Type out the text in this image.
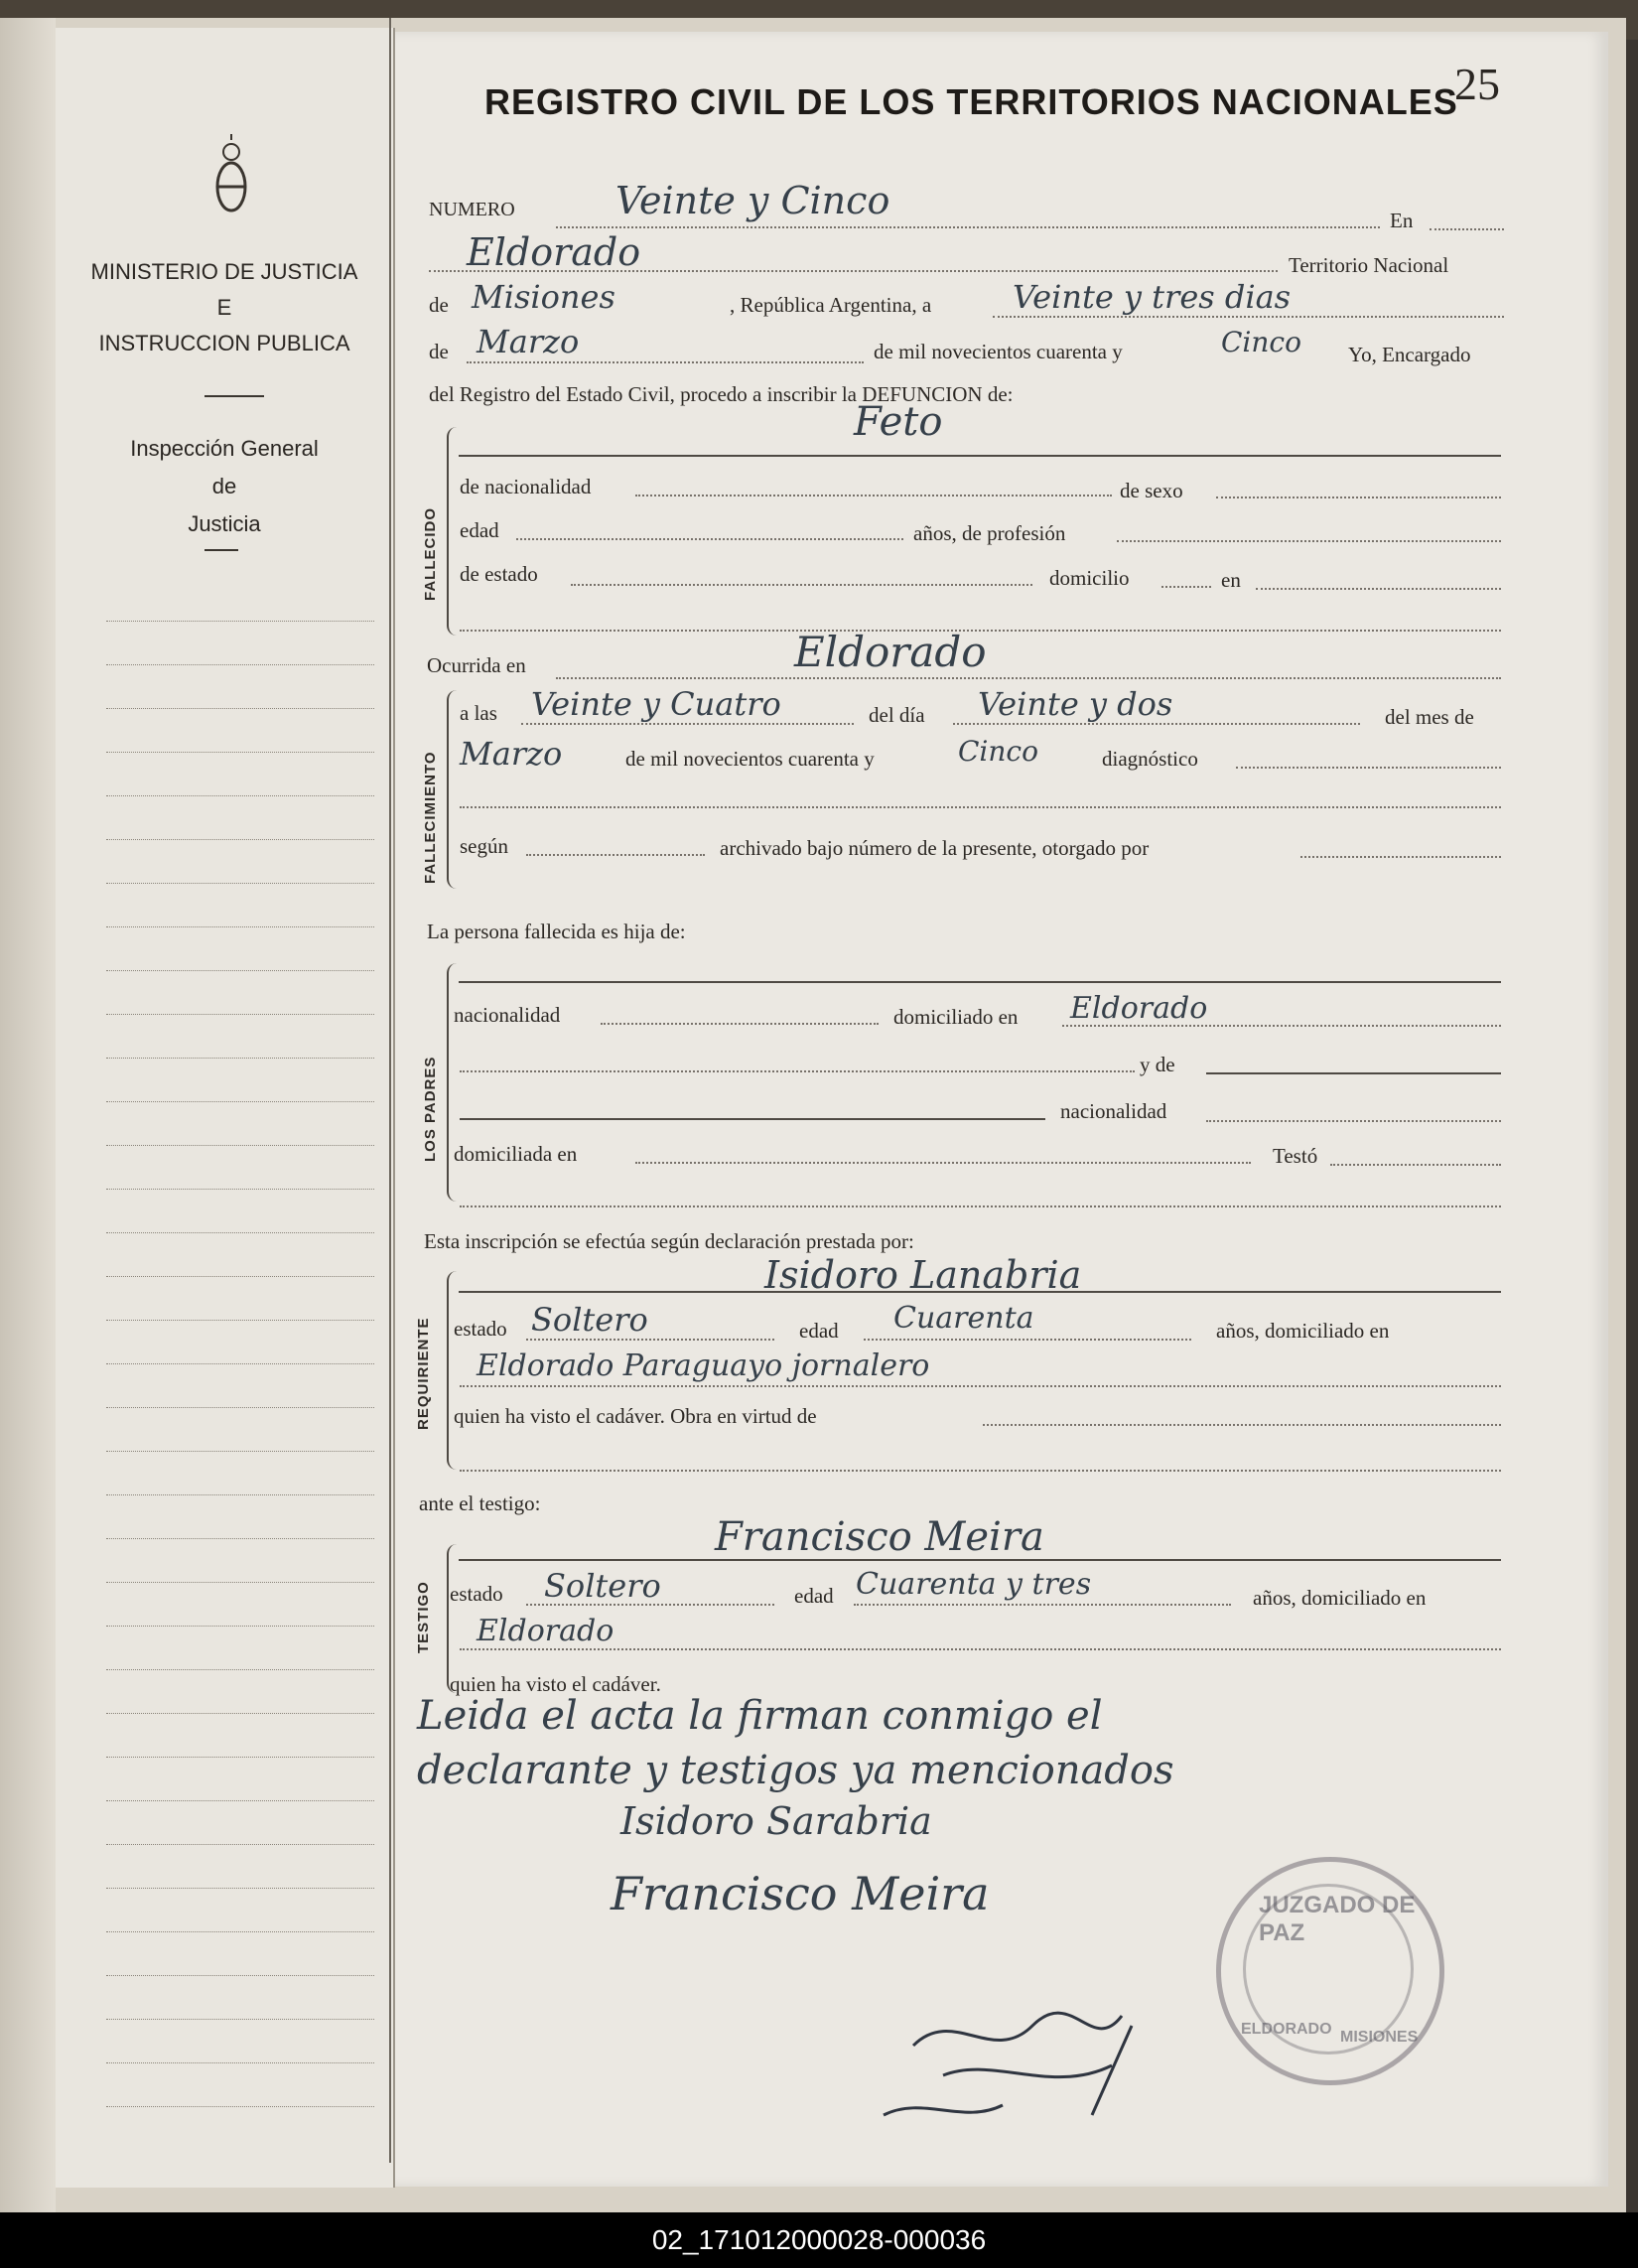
MINISTERIO DE JUSTICIA
E
INSTRUCCION PUBLICA
Inspección General
de
Justicia
25
REGISTRO CIVIL DE LOS TERRITORIOS NACIONALES
NUMERO	Veinte y Cinco	En
Eldorado	Territorio Nacional
de Misiones	, República Argentina, a	Veinte y tres dias
de Marzo	de mil novecientos cuarenta y	Cinco Yo, Encargado
del Registro del Estado Civil, procedo a inscribir la DEFUNCION de:
Feto
FALLECIDO
de nacionalidad	de sexo
edad	años, de profesión
de estado	domicilio	en
Ocurrida en	Eldorado
FALLECIMIENTO
a las Veinte y Cuatro	del día Veinte y dos	del mes de
Marzo	de mil novecientos cuarenta y	Cinco	diagnóstico
según	archivado bajo número de la presente, otorgado por
La persona fallecida es hija de:
LOS PADRES
nacionalidad	domiciliado en Eldorado
y de
nacionalidad
domiciliada en	Testó
Esta inscripción se efectúa según declaración prestada por:
Isidoro Lanabria
REQUIRIENTE estado Soltero	edad Cuarenta	años, domiciliado en
Eldorado Paraguayo jornalero
quien ha visto el cadáver. Obra en virtud de
ante el testigo:
Francisco Meira
TESTIGO estado Soltero	edad Cuarenta y tres	años, domiciliado en
Eldorado
quien ha visto el cadáver.
Leida el acta la firman conmigo el
declarante y testigos ya mencionados
Isidoro Sarabria
Francisco Meira	JUZGADO DE PAZ
ELDORADO MISIONES
02_171012000028-000036
